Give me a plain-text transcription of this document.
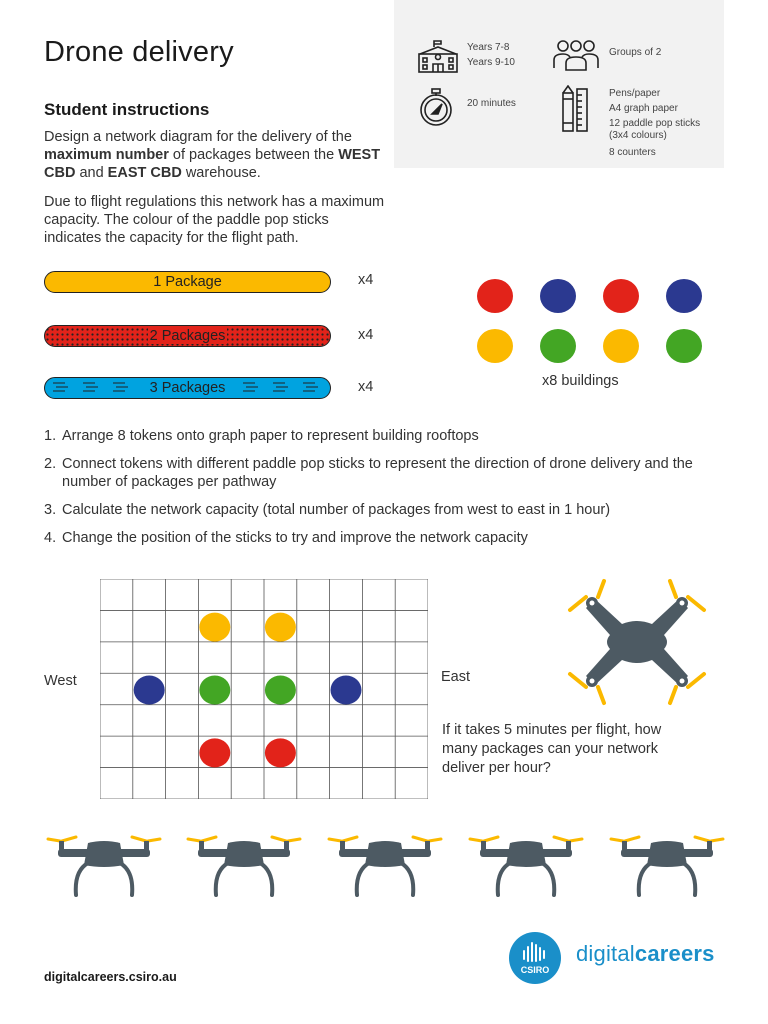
Drone delivery
Student instructions
Design a network diagram for the delivery of the maximum number of packages between the WEST CBD and EAST CBD warehouse.
Due to flight regulations this network has a maximum capacity. The colour of the paddle pop sticks indicates the capacity for the flight path.
Years 7-8
Years 9-10
Groups of 2
20 minutes
Pens/paper
A4 graph paper
12 paddle pop sticks
(3x4 colours)
8 counters
1 Package	x4
2 Packages	x4
3 Packages	x4	x8 buildings
1. Arrange 8 tokens onto graph paper to represent building rooftops
2. Connect tokens with different paddle pop sticks to represent the direction of drone delivery and the number of packages per pathway
3. Calculate the network capacity (total number of packages from west to east in 1 hour)
4. Change the position of the sticks to try and improve the network capacity
West	East
If it takes 5 minutes per flight, how many packages can your network deliver per hour?
digitalcareers.csiro.au	CSIRO
digitalcareers
